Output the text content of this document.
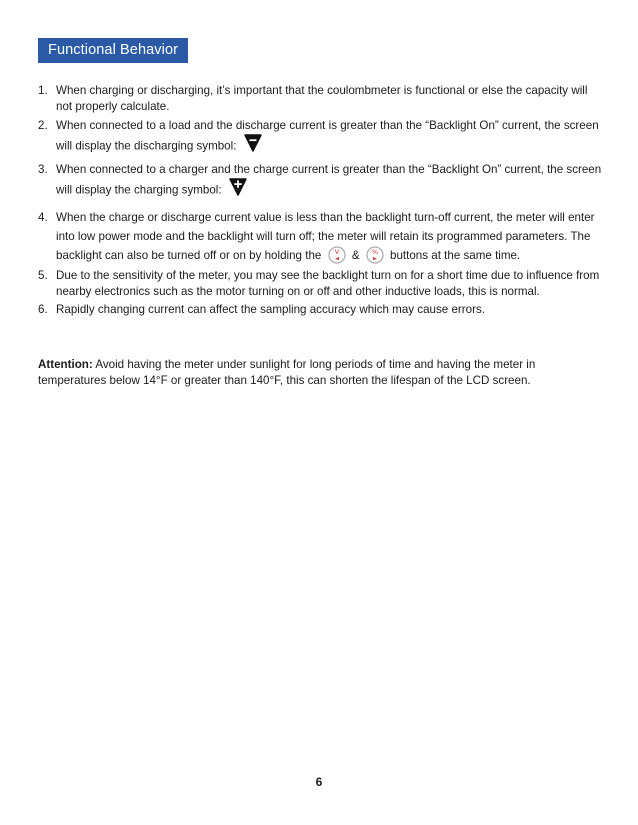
Functional Behavior
1. When charging or discharging, it’s important that the coulombmeter is functional or else the capacity will not properly calculate.
2. When connected to a load and the discharge current is greater than the “Backlight On” current, the screen will display the discharging symbol:
3. When connected to a charger and the charge current is greater than the “Backlight On” current, the screen will display the charging symbol:
4. When the charge or discharge current value is less than the backlight turn-off current, the meter will enter into low power mode and the backlight will turn off; the meter will retain its programmed parameters. The backlight can also be turned off or on by holding the V & % buttons at the same time.
5. Due to the sensitivity of the meter, you may see the backlight turn on for a short time due to influence from nearby electronics such as the motor turning on or off and other inductive loads, this is normal.
6. Rapidly changing current can affect the sampling accuracy which may cause errors.
Attention: Avoid having the meter under sunlight for long periods of time and having the meter in temperatures below 14°F or greater than 140°F, this can shorten the lifespan of the LCD screen.
6
